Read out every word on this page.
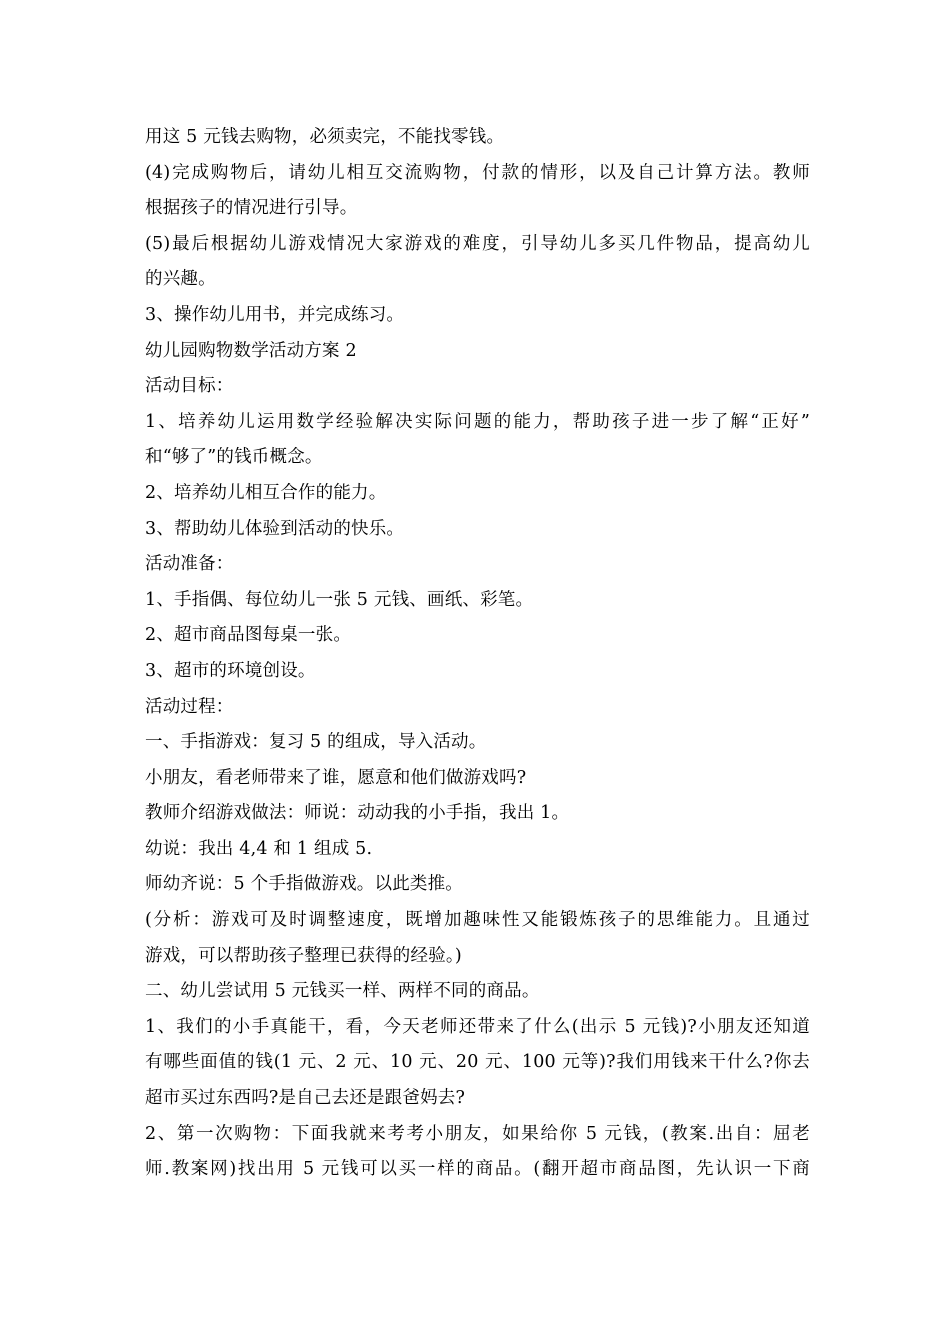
用这 5 元钱去购物，必须卖完，不能找零钱。
(4)完成购物后，请幼儿相互交流购物，付款的情形，以及自己计算方法。教师
根据孩子的情况进行引导。
(5)最后根据幼儿游戏情况大家游戏的难度，引导幼儿多买几件物品，提高幼儿
的兴趣。
3、操作幼儿用书，并完成练习。
幼儿园购物数学活动方案 2
活动目标：
1、培养幼儿运用数学经验解决实际问题的能力，帮助孩子进一步了解“正好”
和“够了”的钱币概念。
2、培养幼儿相互合作的能力。
3、帮助幼儿体验到活动的快乐。
活动准备：
1、手指偶、每位幼儿一张 5 元钱、画纸、彩笔。
2、超市商品图每桌一张。
3、超市的环境创设。
活动过程：
一、手指游戏：复习 5 的组成，导入活动。
小朋友，看老师带来了谁，愿意和他们做游戏吗?
教师介绍游戏做法：师说：动动我的小手指，我出 1。
幼说：我出 4,4 和 1 组成 5.
师幼齐说：5 个手指做游戏。以此类推。
(分析：游戏可及时调整速度，既增加趣味性又能锻炼孩子的思维能力。且通过
游戏，可以帮助孩子整理已获得的经验。)
二、幼儿尝试用 5 元钱买一样、两样不同的商品。
1、我们的小手真能干，看，今天老师还带来了什么(出示 5 元钱)?小朋友还知道
有哪些面值的钱(1 元、2 元、10 元、20 元、100 元等)?我们用钱来干什么?你去
超市买过东西吗?是自己去还是跟爸妈去?
2、第一次购物：下面我就来考考小朋友，如果给你 5 元钱，(教案.出自：屈老
师.教案网)找出用 5 元钱可以买一样的商品。(翻开超市商品图，先认识一下商
